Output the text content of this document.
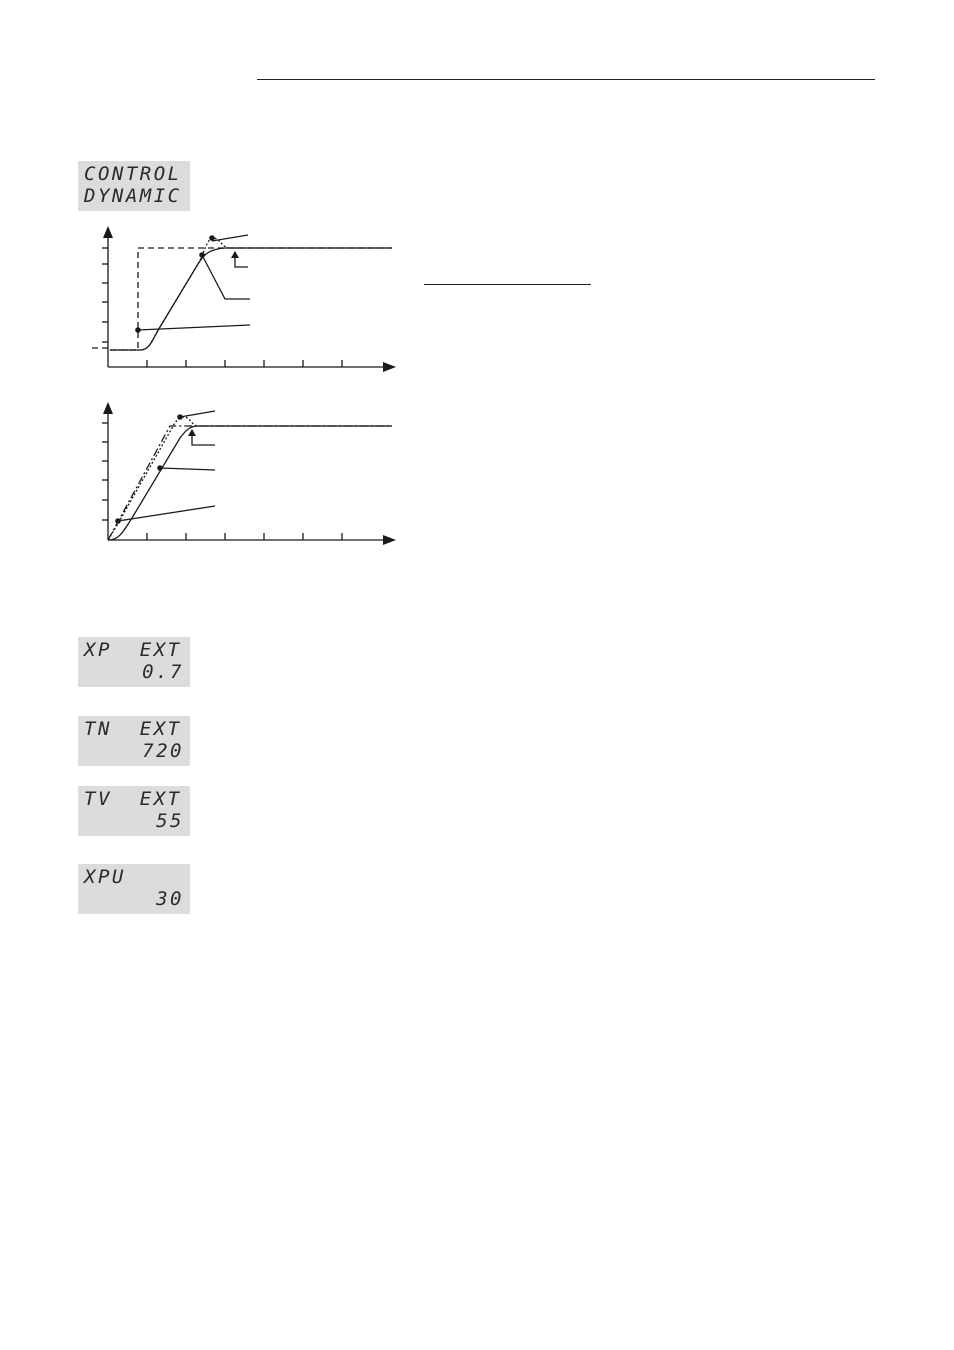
CONTROL
DYNAMIC
XP  EXT
0.7
TN  EXT
720
TV  EXT
55
XPU
30
